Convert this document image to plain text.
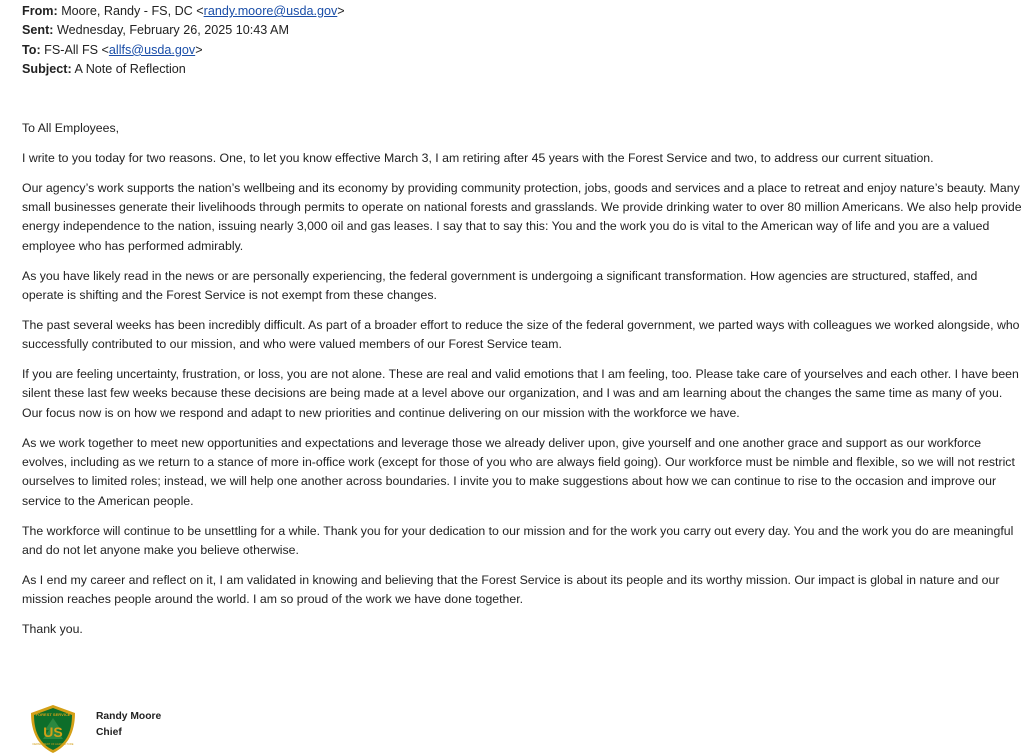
From: Moore, Randy - FS, DC <randy.moore@usda.gov>
Sent: Wednesday, February 26, 2025 10:43 AM
To: FS-All FS <allfs@usda.gov>
Subject: A Note of Reflection

To All Employees,

I write to you today for two reasons. One, to let you know effective March 3, I am retiring after 45 years with the Forest Service and two, to address our current situation.

Our agency’s work supports the nation’s wellbeing and its economy by providing community protection, jobs, goods and services and a place to retreat and enjoy nature’s beauty. Many small businesses generate their livelihoods through permits to operate on national forests and grasslands. We provide drinking water to over 80 million Americans. We also help provide energy independence to the nation, issuing nearly 3,000 oil and gas leases. I say that to say this: You and the work you do is vital to the American way of life and you are a valued employee who has performed admirably.

As you have likely read in the news or are personally experiencing, the federal government is undergoing a significant transformation. How agencies are structured, staffed, and operate is shifting and the Forest Service is not exempt from these changes.

The past several weeks has been incredibly difficult. As part of a broader effort to reduce the size of the federal government, we parted ways with colleagues we worked alongside, who successfully contributed to our mission, and who were valued members of our Forest Service team.

If you are feeling uncertainty, frustration, or loss, you are not alone. These are real and valid emotions that I am feeling, too. Please take care of yourselves and each other. I have been silent these last few weeks because these decisions are being made at a level above our organization, and I was and am learning about the changes the same time as many of you. Our focus now is on how we respond and adapt to new priorities and continue delivering on our mission with the workforce we have.

As we work together to meet new opportunities and expectations and leverage those we already deliver upon, give yourself and one another grace and support as our workforce evolves, including as we return to a stance of more in-office work (except for those of you who are always field going). Our workforce must be nimble and flexible, so we will not restrict ourselves to limited roles; instead, we will help one another across boundaries. I invite you to make suggestions about how we can continue to rise to the occasion and improve our service to the American people.

The workforce will continue to be unsettling for a while. Thank you for your dedication to our mission and for the work you carry out every day. You and the work you do are meaningful and do not let anyone make you believe otherwise.

As I end my career and reflect on it, I am validated in knowing and believing that the Forest Service is about its people and its worthy mission. Our impact is global in nature and our mission reaches people around the world. I am so proud of the work we have done together.

Thank you.

FOREST SERVICE
US
DEPARTMENT OF AGRICULTURE
Randy Moore
Chief
